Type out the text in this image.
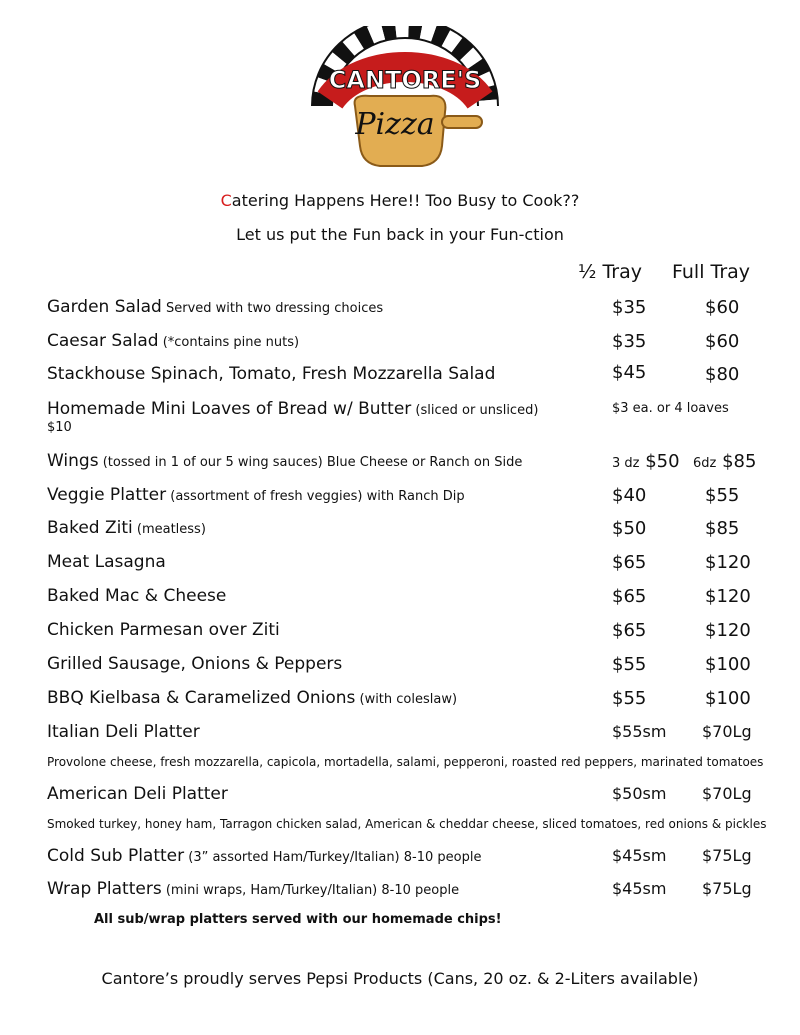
CANTORE'S
Pizza
Catering Happens Here!! Too Busy to Cook??
Let us put the Fun back in your Fun-ction
½ Tray Full Tray
Garden Salad Served with two dressing choices	$35	$60
Caesar Salad (*contains pine nuts)	$35	$60
Stackhouse Spinach, Tomato, Fresh Mozzarella Salad	$45	$80
Homemade Mini Loaves of Bread w/ Butter (sliced or unsliced)	$3 ea. or 4 loaves
$10
Wings (tossed in 1 of our 5 wing sauces) Blue Cheese or Ranch on Side	3 dz $50 6dz $85
Veggie Platter (assortment of fresh veggies) with Ranch Dip	$40	$55
Baked Ziti (meatless)	$50	$85
Meat Lasagna	$65	$120
Baked Mac & Cheese	$65	$120
Chicken Parmesan over Ziti	$65	$120
Grilled Sausage, Onions & Peppers	$55	$100
BBQ Kielbasa & Caramelized Onions (with coleslaw)	$55	$100
Italian Deli Platter	$55sm $70Lg
Provolone cheese, fresh mozzarella, capicola, mortadella, salami, pepperoni, roasted red peppers, marinated tomatoes
American Deli Platter	$50sm $70Lg
Smoked turkey, honey ham, Tarragon chicken salad, American & cheddar cheese, sliced tomatoes, red onions & pickles
Cold Sub Platter (3” assorted Ham/Turkey/Italian) 8-10 people	$45sm $75Lg
Wrap Platters (mini wraps, Ham/Turkey/Italian) 8-10 people	$45sm $75Lg
All sub/wrap platters served with our homemade chips!
Cantore’s proudly serves Pepsi Products (Cans, 20 oz. & 2-Liters available)
